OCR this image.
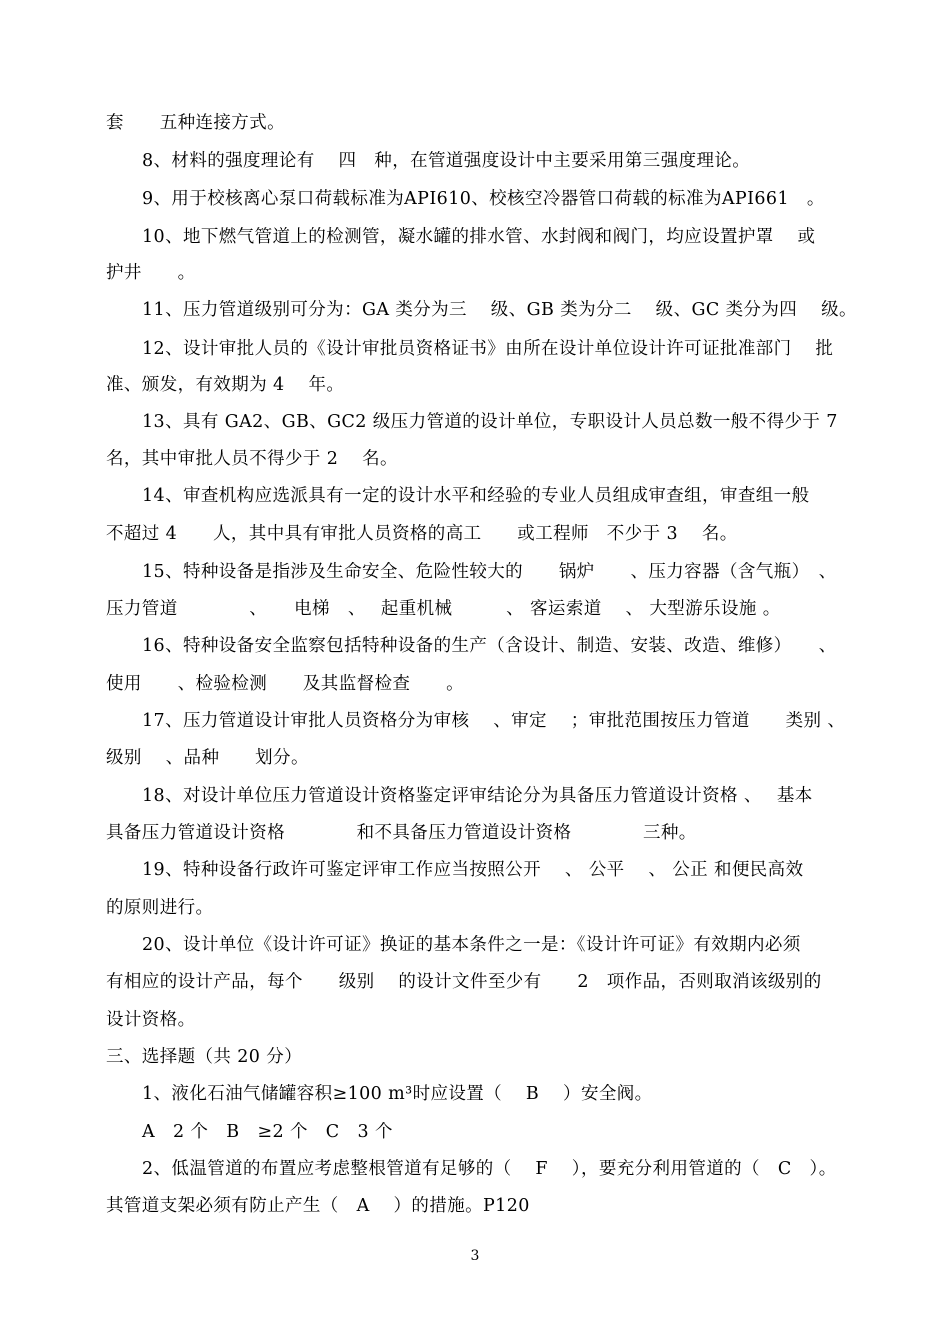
套　　五种连接方式。
8、材料的强度理论有　 四　种，在管道强度设计中主要采用第三强度理论。
9、用于校核离心泵口荷载标准为API610、校核空冷器管口荷载的标准为API661　。
10、地下燃气管道上的检测管，凝水罐的排水管、水封阀和阀门，均应设置护罩　 或
护井　　。
11、压力管道级别可分为：GA 类分为三　 级、GB 类为分二　 级、GC 类分为四　 级。
12、设计审批人员的《设计审批员资格证书》由所在设计单位设计许可证批准部门　 批
准、颁发，有效期为 4　 年。
13、具有 GA2、GB、GC2 级压力管道的设计单位，专职设计人员总数一般不得少于 7
名，其中审批人员不得少于 2　 名。
14、审查机构应选派具有一定的设计水平和经验的专业人员组成审查组，审查组一般
不超过 4　　人，其中具有审批人员资格的高工　　或工程师　不少于 3　 名。
15、特种设备是指涉及生命安全、危险性较大的　　锅炉　　、压力容器（含气瓶）　、
压力管道　　　　、　　电梯　、　 起重机械　　　、 客运索道　 、 大型游乐设施 。
16、特种设备安全监察包括特种设备的生产（含设计、制造、安装、改造、维修）　　、
使用　　、检验检测　　及其监督检查　　。
17、压力管道设计审批人员资格分为审核　 、审定　 ；审批范围按压力管道　　类别 、
级别　 、品种　　划分。
18、对设计单位压力管道设计资格鉴定评审结论分为具备压力管道设计资格 、　 基本
具备压力管道设计资格　　　　和不具备压力管道设计资格　　　　三种。
19、特种设备行政许可鉴定评审工作应当按照公开　 、 公平　 、 公正 和便民高效
的原则进行。
20、设计单位《设计许可证》换证的基本条件之一是：《设计许可证》有效期内必须
有相应的设计产品，每个　　级别　 的设计文件至少有　　2　项作品，否则取消该级别的
设计资格。
三、选择题（共 20 分）
1、液化石油气储罐容积≥100 m³时应设置（　 B　 ）安全阀。
A　2 个　B　≥2 个　C　3 个
2、低温管道的布置应考虑整根管道有足够的（　 F　 ），要充分利用管道的（　C　）。
其管道支架必须有防止产生（　A　 ）的措施。P120
3
